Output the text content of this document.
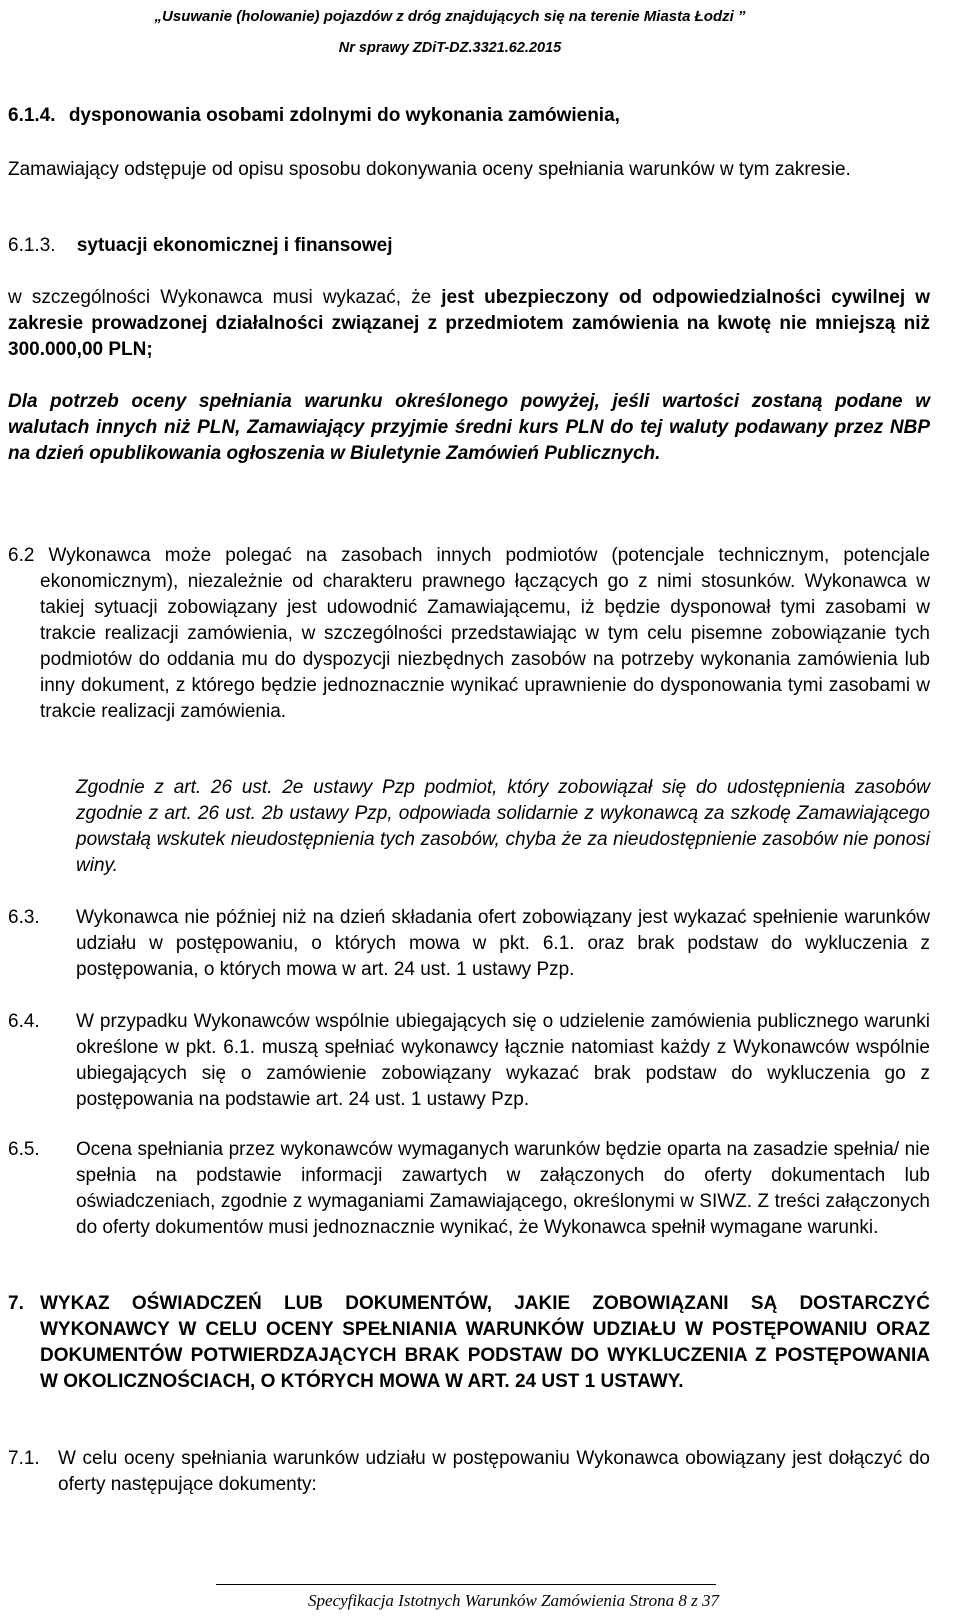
„Usuwanie (holowanie) pojazdów z dróg znajdujących się na terenie Miasta Łodzi ”
Nr sprawy ZDiT-DZ.3321.62.2015
6.1.4. dysponowania osobami zdolnymi do wykonania zamówienia,
Zamawiający odstępuje od opisu sposobu dokonywania oceny spełniania warunków w tym zakresie.
6.1.3. sytuacji ekonomicznej i finansowej
w szczególności Wykonawca musi wykazać, że jest ubezpieczony od odpowiedzialności cywilnej w zakresie prowadzonej działalności związanej z przedmiotem zamówienia na kwotę nie mniejszą niż 300.000,00 PLN;
Dla potrzeb oceny spełniania warunku określonego powyżej, jeśli wartości zostaną podane w walutach innych niż PLN, Zamawiający przyjmie średni kurs PLN do tej waluty podawany przez NBP na dzień opublikowania ogłoszenia w Biuletynie Zamówień Publicznych.
6.2 Wykonawca może polegać na zasobach innych podmiotów (potencjale technicznym, potencjale ekonomicznym), niezależnie od charakteru prawnego łączących go z nimi stosunków. Wykonawca w takiej sytuacji zobowiązany jest udowodnić Zamawiającemu, iż będzie dysponował tymi zasobami w trakcie realizacji zamówienia, w szczególności przedstawiając w tym celu pisemne zobowiązanie tych podmiotów do oddania mu do dyspozycji niezbędnych zasobów na potrzeby wykonania zamówienia lub inny dokument, z którego będzie jednoznacznie wynikać uprawnienie do dysponowania tymi zasobami w trakcie realizacji zamówienia.
Zgodnie z art. 26 ust. 2e ustawy Pzp podmiot, który zobowiązał się do udostępnienia zasobów zgodnie z art. 26 ust. 2b ustawy Pzp, odpowiada solidarnie z wykonawcą za szkodę Zamawiającego powstałą wskutek nieudostępnienia tych zasobów, chyba że za nieudostępnienie zasobów nie ponosi winy.
6.3. Wykonawca nie później niż na dzień składania ofert zobowiązany jest wykazać spełnienie warunków udziału w postępowaniu, o których mowa w pkt. 6.1. oraz brak podstaw do wykluczenia z postępowania, o których mowa w art. 24 ust. 1 ustawy Pzp.
6.4. W przypadku Wykonawców wspólnie ubiegających się o udzielenie zamówienia publicznego warunki określone w pkt. 6.1. muszą spełniać wykonawcy łącznie natomiast każdy z Wykonawców wspólnie ubiegających się o zamówienie zobowiązany wykazać brak podstaw do wykluczenia go z postępowania na podstawie art. 24 ust. 1 ustawy Pzp.
6.5. Ocena spełniania przez wykonawców wymaganych warunków będzie oparta na zasadzie spełnia/ nie spełnia na podstawie informacji zawartych w załączonych do oferty dokumentach lub oświadczeniach, zgodnie z wymaganiami Zamawiającego, określonymi w SIWZ. Z treści załączonych do oferty dokumentów musi jednoznacznie wynikać, że Wykonawca spełnił wymagane warunki.
7. WYKAZ OŚWIADCZEŃ LUB DOKUMENTÓW, JAKIE ZOBOWIĄZANI SĄ DOSTARCZYĆ WYKONAWCY W CELU OCENY SPEŁNIANIA WARUNKÓW UDZIAŁU W POSTĘPOWANIU ORAZ DOKUMENTÓW POTWIERDZAJĄCYCH BRAK PODSTAW DO WYKLUCZENIA Z POSTĘPOWANIA W OKOLICZNOŚCIACH, O KTÓRYCH MOWA W ART. 24 UST 1 USTAWY.
7.1. W celu oceny spełniania warunków udziału w postępowaniu Wykonawca obowiązany jest dołączyć do oferty następujące dokumenty:
Specyfikacja Istotnych Warunków Zamówienia Strona 8 z 37
